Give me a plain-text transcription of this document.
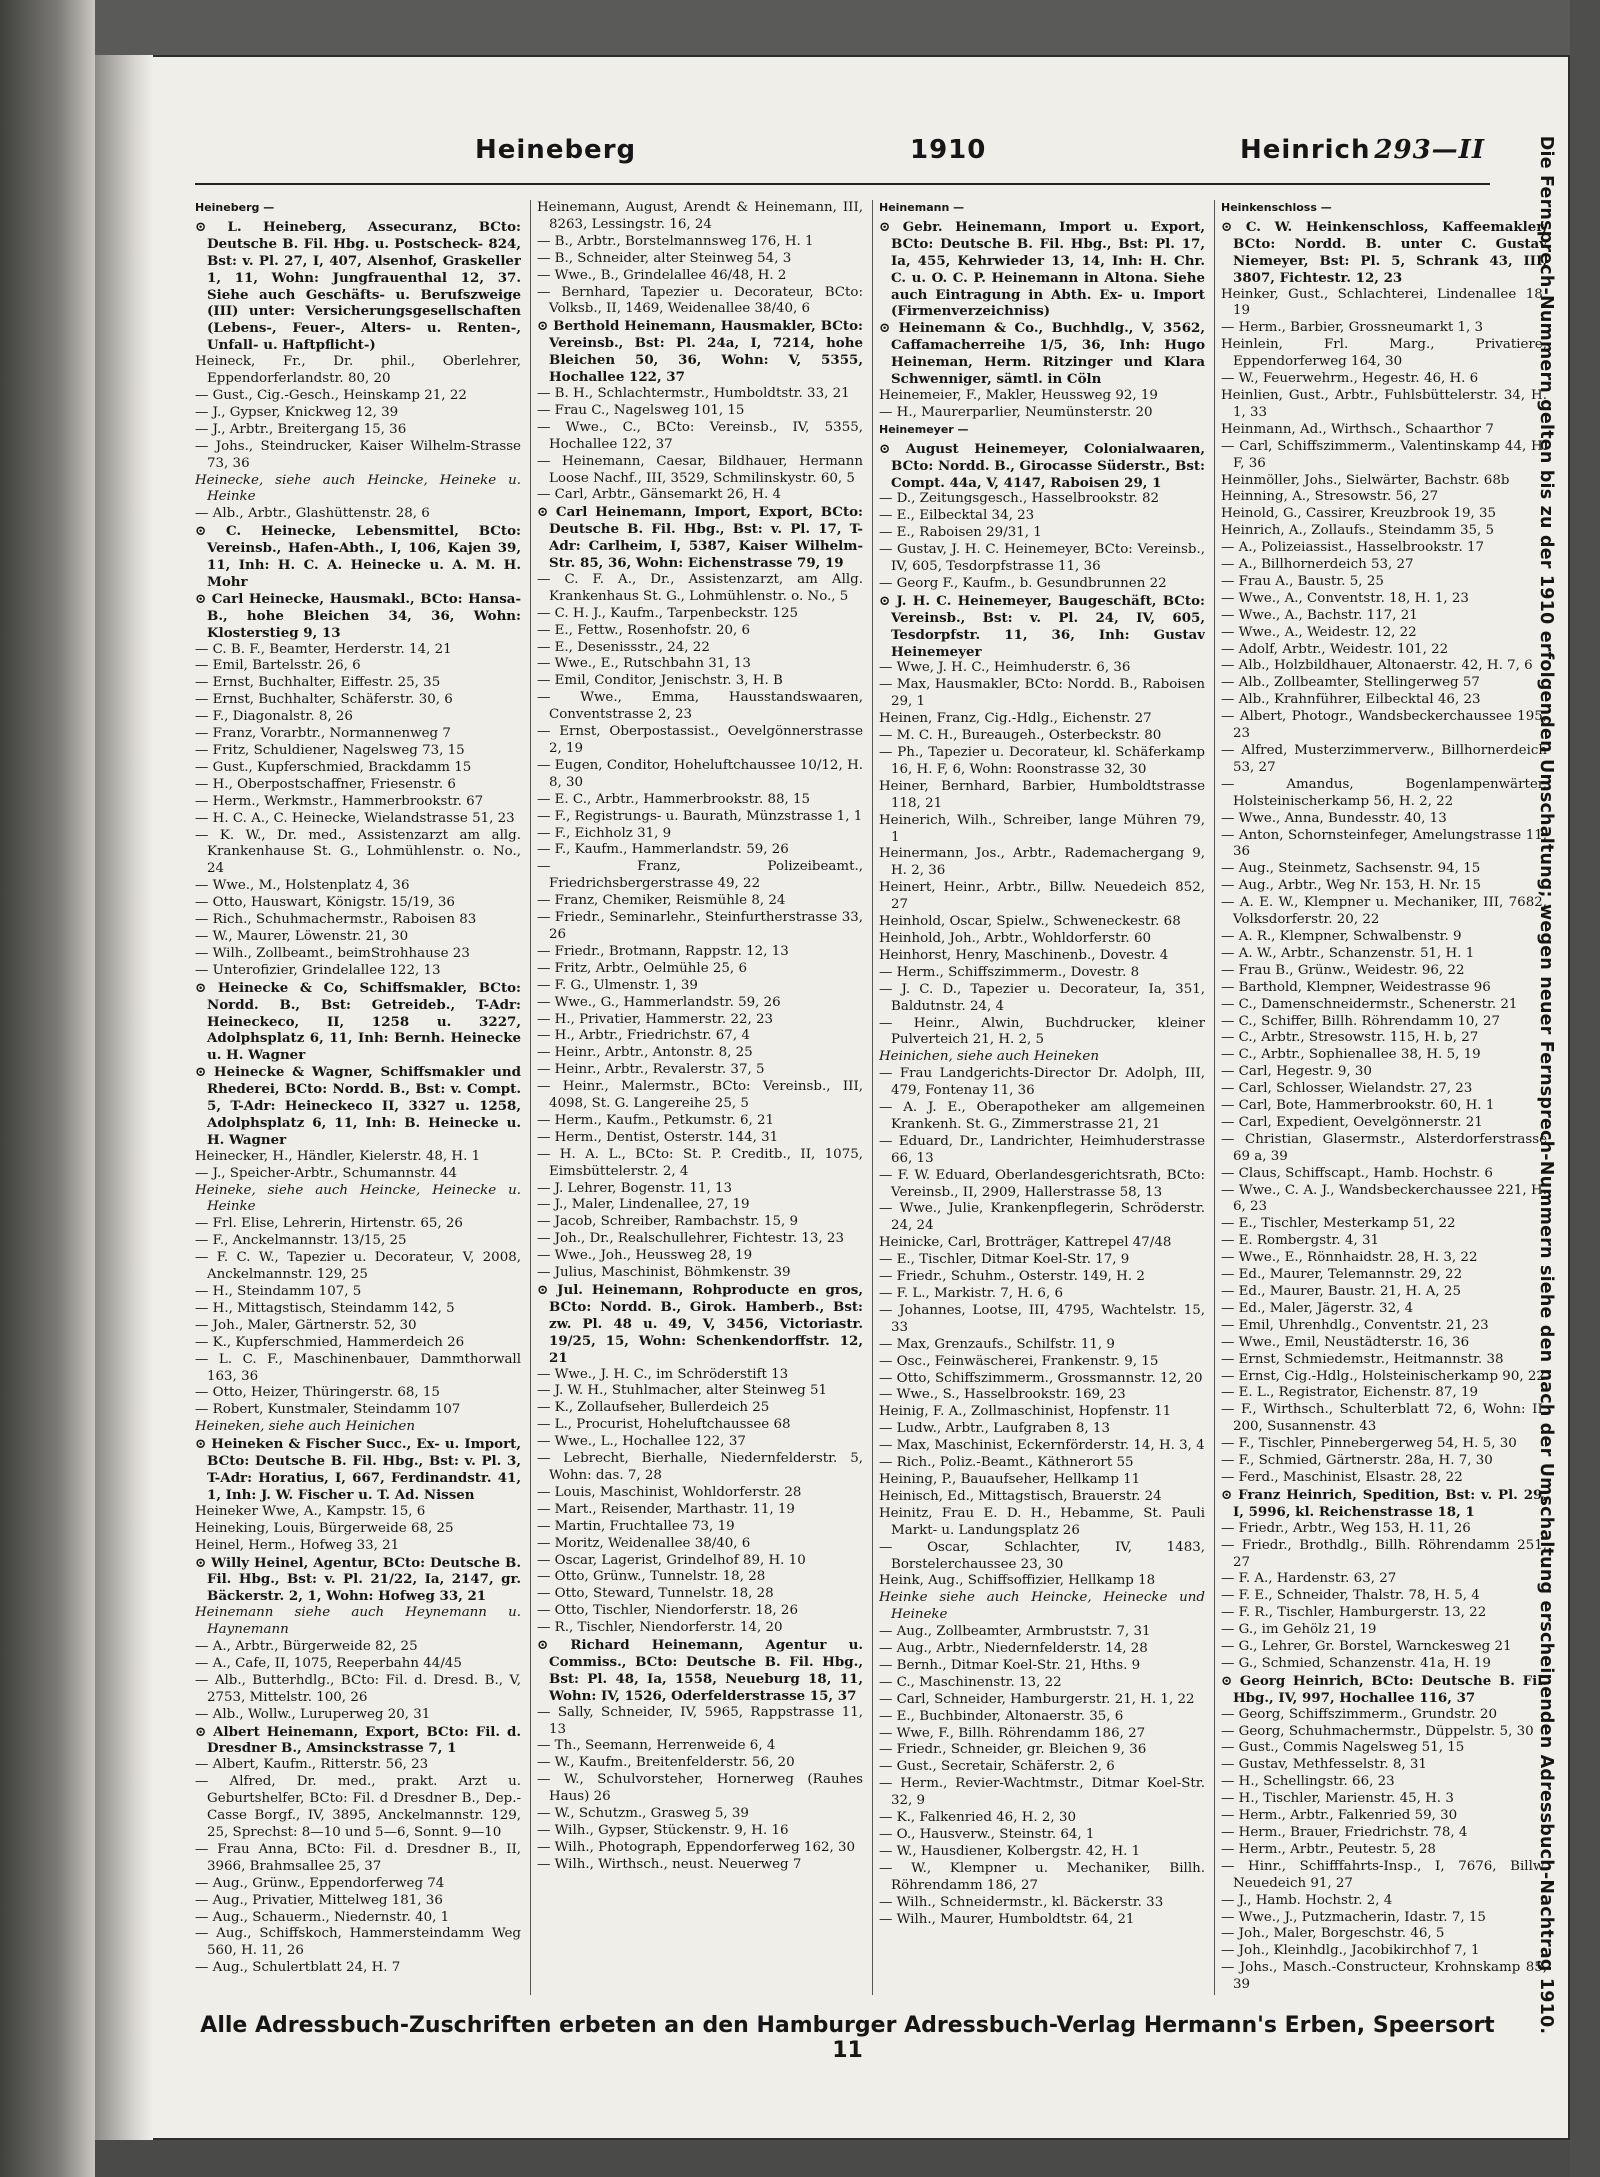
Heineberg	1910	Heinrich 293—II

Heineberg —

⊙ L. Heineberg, Assecuranz, BCto: Deutsche B. Fil. Hbg. u. Postscheck- 824, Bst: v. Pl. 27, I, 407, Alsenhof, Graskeller 1, 11, Wohn: Jungfrauenthal 12, 37. Siehe auch Geschäfts- u. Berufszweige (III) unter: Versicherungsgesellschaften (Lebens-, Feuer-, Alters- u. Renten-, Unfall- u. Haftpflicht-)

Heineck, Fr., Dr. phil., Oberlehrer, Eppendorferlandstr. 80, 20

— Gust., Cig.-Gesch., Heinskamp 21, 22

— J., Gypser, Knickweg 12, 39

— J., Arbtr., Breitergang 15, 36

— Johs., Steindrucker, Kaiser Wilhelm-Strasse 73, 36

Heinecke, siehe auch Heincke, Heineke u. Heinke

— Alb., Arbtr., Glashüttenstr. 28, 6

⊙ C. Heinecke, Lebensmittel, BCto: Vereinsb., Hafen-Abth., I, 106, Kajen 39, 11, Inh: H. C. A. Heinecke u. A. M. H. Mohr

⊙ Carl Heinecke, Hausmakl., BCto: Hansa-B., hohe Bleichen 34, 36, Wohn: Klosterstieg 9, 13

— C. B. F., Beamter, Herderstr. 14, 21

— Emil, Bartelsstr. 26, 6

— Ernst, Buchhalter, Eiffestr. 25, 35

— Ernst, Buchhalter, Schäferstr. 30, 6

— F., Diagonalstr. 8, 26

— Franz, Vorarbtr., Normannenweg 7

— Fritz, Schuldiener, Nagelsweg 73, 15

— Gust., Kupferschmied, Brackdamm 15

— H., Oberpostschaffner, Friesenstr. 6

— Herm., Werkmstr., Hammerbrookstr. 67

— H. C. A., C. Heinecke, Wielandstrasse 51, 23

— K. W., Dr. med., Assistenzarzt am allg. Krankenhause St. G., Lohmühlenstr. o. No., 24

— Wwe., M., Holstenplatz 4, 36

— Otto, Hauswart, Königstr. 15/19, 36

— Rich., Schuhmachermstr., Raboisen 83

— W., Maurer, Löwenstr. 21, 30

— Wilh., Zollbeamt., beimStrohhause 23

— Unterofizier, Grindelallee 122, 13

⊙ Heinecke & Co, Schiffsmakler, BCto: Nordd. B., Bst: Getreideb., T-Adr: Heineckeco, II, 1258 u. 3227, Adolphsplatz 6, 11, Inh: Bernh. Heinecke u. H. Wagner

⊙ Heinecke & Wagner, Schiffsmakler und Rhederei, BCto: Nordd. B., Bst: v. Compt. 5, T-Adr: Heineckeco II, 3327 u. 1258, Adolphsplatz 6, 11, Inh: B. Heinecke u. H. Wagner

Heinecker, H., Händler, Kielerstr. 48, H. 1

— J., Speicher-Arbtr., Schumannstr. 44

Heineke, siehe auch Heincke, Heinecke u. Heinke

— Frl. Elise, Lehrerin, Hirtenstr. 65, 26

— F., Anckelmannstr. 13/15, 25

— F. C. W., Tapezier u. Decorateur, V, 2008, Anckelmannstr. 129, 25

— H., Steindamm 107, 5

— H., Mittagstisch, Steindamm 142, 5

— Joh., Maler, Gärtnerstr. 52, 30

— K., Kupferschmied, Hammerdeich 26

— L. C. F., Maschinenbauer, Dammthorwall 163, 36

— Otto, Heizer, Thüringerstr. 68, 15

— Robert, Kunstmaler, Steindamm 107

Heineken, siehe auch Heinichen

⊙ Heineken & Fischer Succ., Ex- u. Import, BCto: Deutsche B. Fil. Hbg., Bst: v. Pl. 3, T-Adr: Horatius, I, 667, Ferdinandstr. 41, 1, Inh: J. W. Fischer u. T. Ad. Nissen

Heineker Wwe, A., Kampstr. 15, 6

Heineking, Louis, Bürgerweide 68, 25

Heinel, Herm., Hofweg 33, 21

⊙ Willy Heinel, Agentur, BCto: Deutsche B. Fil. Hbg., Bst: v. Pl. 21/22, Ia, 2147, gr. Bäckerstr. 2, 1, Wohn: Hofweg 33, 21

Heinemann siehe auch Heynemann u. Haynemann

— A., Arbtr., Bürgerweide 82, 25

— A., Cafe, II, 1075, Reeperbahn 44/45

— Alb., Butterhdlg., BCto: Fil. d. Dresd. B., V, 2753, Mittelstr. 100, 26

— Alb., Wollw., Luruperweg 20, 31

⊙ Albert Heinemann, Export, BCto: Fil. d. Dresdner B., Amsinckstrasse 7, 1

— Albert, Kaufm., Ritterstr. 56, 23

— Alfred, Dr. med., prakt. Arzt u. Geburtshelfer, BCto: Fil. d Dresdner B., Dep.-Casse Borgf., IV, 3895, Anckelmannstr. 129, 25, Sprechst: 8—10 und 5—6, Sonnt. 9—10

— Frau Anna, BCto: Fil. d. Dresdner B., II, 3966, Brahmsallee 25, 37

— Aug., Grünw., Eppendorferweg 74

— Aug., Privatier, Mittelweg 181, 36

— Aug., Schauerm., Niedernstr. 40, 1

— Aug., Schiffskoch, Hammersteindamm Weg 560, H. 11, 26

— Aug., Schulertblatt 24, H. 7

Heinemann, August, Arendt & Heinemann, III, 8263, Lessingstr. 16, 24

— B., Arbtr., Borstelmannsweg 176, H. 1

— B., Schneider, alter Steinweg 54, 3

— Wwe., B., Grindelallee 46/48, H. 2

— Bernhard, Tapezier u. Decorateur, BCto: Volksb., II, 1469, Weidenallee 38/40, 6

⊙ Berthold Heinemann, Hausmakler, BCto: Vereinsb., Bst: Pl. 24a, I, 7214, hohe Bleichen 50, 36, Wohn: V, 5355, Hochallee 122, 37

— B. H., Schlachtermstr., Humboldtstr. 33, 21

— Frau C., Nagelsweg 101, 15

— Wwe., C., BCto: Vereinsb., IV, 5355, Hochallee 122, 37

— Heinemann, Caesar, Bildhauer, Hermann Loose Nachf., III, 3529, Schmilinskystr. 60, 5

— Carl, Arbtr., Gänsemarkt 26, H. 4

⊙ Carl Heinemann, Import, Export, BCto: Deutsche B. Fil. Hbg., Bst: v. Pl. 17, T-Adr: Carlheim, I, 5387, Kaiser Wilhelm-Str. 85, 36, Wohn: Eichenstrasse 79, 19

— C. F. A., Dr., Assistenzarzt, am Allg. Krankenhaus St. G., Lohmühlenstr. o. No., 5

— C. H. J., Kaufm., Tarpenbeckstr. 125

— E., Fettw., Rosenhofstr. 20, 6

— E., Desenissstr., 24, 22

— Wwe., E., Rutschbahn 31, 13

— Emil, Conditor, Jenischstr. 3, H. B

— Wwe., Emma, Hausstandswaaren, Conventstrasse 2, 23

— Ernst, Oberpostassist., Oevelgönnerstrasse 2, 19

— Eugen, Conditor, Hoheluftchaussee 10/12, H. 8, 30

— E. C., Arbtr., Hammerbrookstr. 88, 15

— F., Registrungs- u. Baurath, Münzstrasse 1, 1

— F., Eichholz 31, 9

— F., Kaufm., Hammerlandstr. 59, 26

— Franz, Polizeibeamt., Friedrichsbergerstrasse 49, 22

— Franz, Chemiker, Reismühle 8, 24

— Friedr., Seminarlehr., Steinfurtherstrasse 33, 26

— Friedr., Brotmann, Rappstr. 12, 13

— Fritz, Arbtr., Oelmühle 25, 6

— F. G., Ulmenstr. 1, 39

— Wwe., G., Hammerlandstr. 59, 26

— H., Privatier, Hammerstr. 22, 23

— H., Arbtr., Friedrichstr. 67, 4

— Heinr., Arbtr., Antonstr. 8, 25

— Heinr., Arbtr., Revalerstr. 37, 5

— Heinr., Malermstr., BCto: Vereinsb., III, 4098, St. G. Langereihe 25, 5

— Herm., Kaufm., Petkumstr. 6, 21

— Herm., Dentist, Osterstr. 144, 31

— H. A. L., BCto: St. P. Creditb., II, 1075, Eimsbüttelerstr. 2, 4

— J. Lehrer, Bogenstr. 11, 13

— J., Maler, Lindenallee, 27, 19

— Jacob, Schreiber, Rambachstr. 15, 9

— Joh., Dr., Realschullehrer, Fichtestr. 13, 23

— Wwe., Joh., Heussweg 28, 19

— Julius, Maschinist, Böhmkenstr. 39

⊙ Jul. Heinemann, Rohproducte en gros, BCto: Nordd. B., Girok. Hamberb., Bst: zw. Pl. 48 u. 49, V, 3456, Victoriastr. 19/25, 15, Wohn: Schenkendorffstr. 12, 21

— Wwe., J. H. C., im Schröderstift 13

— J. W. H., Stuhlmacher, alter Steinweg 51

— K., Zollaufseher, Bullerdeich 25

— L., Procurist, Hoheluftchaussee 68

— Wwe., L., Hochallee 122, 37

— Lebrecht, Bierhalle, Niedernfelderstr. 5, Wohn: das. 7, 28

— Louis, Maschinist, Wohldorferstr. 28

— Mart., Reisender, Marthastr. 11, 19

— Martin, Fruchtallee 73, 19

— Moritz, Weidenallee 38/40, 6

— Oscar, Lagerist, Grindelhof 89, H. 10

— Otto, Grünw., Tunnelstr. 18, 28

— Otto, Steward, Tunnelstr. 18, 28

— Otto, Tischler, Niendorferstr. 18, 26

— R., Tischler, Niendorferstr. 14, 20

⊙ Richard Heinemann, Agentur u. Commiss., BCto: Deutsche B. Fil. Hbg., Bst: Pl. 48, Ia, 1558, Neueburg 18, 11, Wohn: IV, 1526, Oderfelderstrasse 15, 37

— Sally, Schneider, IV, 5965, Rappstrasse 11, 13

— Th., Seemann, Herrenweide 6, 4

— W., Kaufm., Breitenfelderstr. 56, 20

— W., Schulvorsteher, Hornerweg (Rauhes Haus) 26

— W., Schutzm., Grasweg 5, 39

— Wilh., Gypser, Stückenstr. 9, H. 16

— Wilh., Photograph, Eppendorferweg 162, 30

— Wilh., Wirthsch., neust. Neuerweg 7

Heinemann —

⊙ Gebr. Heinemann, Import u. Export, BCto: Deutsche B. Fil. Hbg., Bst: Pl. 17, Ia, 455, Kehrwieder 13, 14, Inh: H. Chr. C. u. O. C. P. Heinemann in Altona. Siehe auch Eintragung in Abth. Ex- u. Import (Firmenverzeichniss)

⊙ Heinemann & Co., Buchhdlg., V, 3562, Caffamacherreihe 1/5, 36, Inh: Hugo Heineman, Herm. Ritzinger und Klara Schwenniger, sämtl. in Cöln

Heinemeier, F., Makler, Heussweg 92, 19

— H., Maurerparlier, Neumünsterstr. 20

Heinemeyer —

⊙ August Heinemeyer, Colonialwaaren, BCto: Nordd. B., Girocasse Süderstr., Bst: Compt. 44a, V, 4147, Raboisen 29, 1

— D., Zeitungsgesch., Hasselbrookstr. 82

— E., Eilbecktal 34, 23

— E., Raboisen 29/31, 1

— Gustav, J. H. C. Heinemeyer, BCto: Vereinsb., IV, 605, Tesdorpfstrasse 11, 36

— Georg F., Kaufm., b. Gesundbrunnen 22

⊙ J. H. C. Heinemeyer, Baugeschäft, BCto: Vereinsb., Bst: v. Pl. 24, IV, 605, Tesdorpfstr. 11, 36, Inh: Gustav Heinemeyer

— Wwe, J. H. C., Heimhuderstr. 6, 36

— Max, Hausmakler, BCto: Nordd. B., Raboisen 29, 1

Heinen, Franz, Cig.-Hdlg., Eichenstr. 27

— M. C. H., Bureaugeh., Osterbeckstr. 80

— Ph., Tapezier u. Decorateur, kl. Schäferkamp 16, H. F, 6, Wohn: Roonstrasse 32, 30

Heiner, Bernhard, Barbier, Humboldtstrasse 118, 21

Heinerich, Wilh., Schreiber, lange Mühren 79, 1

Heinermann, Jos., Arbtr., Rademachergang 9, H. 2, 36

Heinert, Heinr., Arbtr., Billw. Neuedeich 852, 27

Heinhold, Oscar, Spielw., Schweneckestr. 68

Heinhold, Joh., Arbtr., Wohldorferstr. 60

Heinhorst, Henry, Maschinenb., Dovestr. 4

— Herm., Schiffszimmerm., Dovestr. 8

— J. C. D., Tapezier u. Decorateur, Ia, 351, Baldutnstr. 24, 4

— Heinr., Alwin, Buchdrucker, kleiner Pulverteich 21, H. 2, 5

Heinichen, siehe auch Heineken

— Frau Landgerichts-Director Dr. Adolph, III, 479, Fontenay 11, 36

— A. J. E., Oberapotheker am allgemeinen Krankenh. St. G., Zimmerstrasse 21, 21

— Eduard, Dr., Landrichter, Heimhuderstrasse 66, 13

— F. W. Eduard, Oberlandesgerichtsrath, BCto: Vereinsb., II, 2909, Hallerstrasse 58, 13

— Wwe., Julie, Krankenpflegerin, Schröderstr. 24, 24

Heinicke, Carl, Brotträger, Kattrepel 47/48

— E., Tischler, Ditmar Koel-Str. 17, 9

— Friedr., Schuhm., Osterstr. 149, H. 2

— F. L., Markistr. 7, H. 6, 6

— Johannes, Lootse, III, 4795, Wachtelstr. 15, 33

— Max, Grenzaufs., Schilfstr. 11, 9

— Osc., Feinwäscherei, Frankenstr. 9, 15

— Otto, Schiffszimmerm., Grossmannstr. 12, 20

— Wwe., S., Hasselbrookstr. 169, 23

Heinig, F. A., Zollmaschinist, Hopfenstr. 11

— Ludw., Arbtr., Laufgraben 8, 13

— Max, Maschinist, Eckernförderstr. 14, H. 3, 4

— Rich., Poliz.-Beamt., Käthnerort 55

Heining, P., Bauaufseher, Hellkamp 11

Heinisch, Ed., Mittagstisch, Brauerstr. 24

Heinitz, Frau E. D. H., Hebamme, St. Pauli Markt- u. Landungsplatz 26

— Oscar, Schlachter, IV, 1483, Borstelerchaussee 23, 30

Heink, Aug., Schiffsoffizier, Hellkamp 18

Heinke siehe auch Heincke, Heinecke und Heineke

— Aug., Zollbeamter, Armbruststr. 7, 31

— Aug., Arbtr., Niedernfelderstr. 14, 28

— Bernh., Ditmar Koel-Str. 21, Hths. 9

— C., Maschinenstr. 13, 22

— Carl, Schneider, Hamburgerstr. 21, H. 1, 22

— E., Buchbinder, Altonaerstr. 35, 6

— Wwe, F., Billh. Röhrendamm 186, 27

— Friedr., Schneider, gr. Bleichen 9, 36

— Gust., Secretair, Schäferstr. 2, 6

— Herm., Revier-Wachtmstr., Ditmar Koel-Str. 32, 9

— K., Falkenried 46, H. 2, 30

— O., Hausverw., Steinstr. 64, 1

— W., Hausdiener, Kolbergstr. 42, H. 1

— W., Klempner u. Mechaniker, Billh. Röhrendamm 186, 27

— Wilh., Schneidermstr., kl. Bäckerstr. 33

— Wilh., Maurer, Humboldtstr. 64, 21

Heinkenschloss —

⊙ C. W. Heinkenschloss, Kaffeemakler, BCto: Nordd. B. unter C. Gustav Niemeyer, Bst: Pl. 5, Schrank 43, III, 3807, Fichtestr. 12, 23

Heinker, Gust., Schlachterei, Lindenallee 18, 19

— Herm., Barbier, Grossneumarkt 1, 3

Heinlein, Frl. Marg., Privatiere, Eppendorferweg 164, 30

— W., Feuerwehrm., Hegestr. 46, H. 6

Heinlien, Gust., Arbtr., Fuhlsbüttelerstr. 34, H. 1, 33

Heinmann, Ad., Wirthsch., Schaarthor 7

— Carl, Schiffszimmerm., Valentinskamp 44, H. F, 36

Heinmöller, Johs., Sielwärter, Bachstr. 68b

Heinning, A., Stresowstr. 56, 27

Heinold, G., Cassirer, Kreuzbrook 19, 35

Heinrich, A., Zollaufs., Steindamm 35, 5

— A., Polizeiassist., Hasselbrookstr. 17

— A., Billhornerdeich 53, 27

— Frau A., Baustr. 5, 25

— Wwe., A., Conventstr. 18, H. 1, 23

— Wwe., A., Bachstr. 117, 21

— Wwe., A., Weidestr. 12, 22

— Adolf, Arbtr., Weidestr. 101, 22

— Alb., Holzbildhauer, Altonaerstr. 42, H. 7, 6

— Alb., Zollbeamter, Stellingerweg 57

— Alb., Krahnführer, Eilbecktal 46, 23

— Albert, Photogr., Wandsbeckerchaussee 195, 23

— Alfred, Musterzimmerverw., Billhornerdeich 53, 27

— Amandus, Bogenlampenwärter, Holsteinischerkamp 56, H. 2, 22

— Wwe., Anna, Bundesstr. 40, 13

— Anton, Schornsteinfeger, Amelungstrasse 11, 36

— Aug., Steinmetz, Sachsenstr. 94, 15

— Aug., Arbtr., Weg Nr. 153, H. Nr. 15

— A. E. W., Klempner u. Mechaniker, III, 7682, Volksdorferstr. 20, 22

— A. R., Klempner, Schwalbenstr. 9

— A. W., Arbtr., Schanzenstr. 51, H. 1

— Frau B., Grünw., Weidestr. 96, 22

— Barthold, Klempner, Weidestrasse 96

— C., Damenschneidermstr., Schenerstr. 21

— C., Schiffer, Billh. Röhrendamm 10, 27

— C., Arbtr., Stresowstr. 115, H. b, 27

— C., Arbtr., Sophienallee 38, H. 5, 19

— Carl, Hegestr. 9, 30

— Carl, Schlosser, Wielandstr. 27, 23

— Carl, Bote, Hammerbrookstr. 60, H. 1

— Carl, Expedient, Oevelgönnerstr. 21

— Christian, Glasermstr., Alsterdorferstrasse 69 a, 39

— Claus, Schiffscapt., Hamb. Hochstr. 6

— Wwe., C. A. J., Wandsbeckerchaussee 221, H. 6, 23

— E., Tischler, Mesterkamp 51, 22

— E. Rombergstr. 4, 31

— Wwe., E., Rönnhaidstr. 28, H. 3, 22

— Ed., Maurer, Telemannstr. 29, 22

— Ed., Maurer, Baustr. 21, H. A, 25

— Ed., Maler, Jägerstr. 32, 4

— Emil, Uhrenhdlg., Conventstr. 21, 23

— Wwe., Emil, Neustädterstr. 16, 36

— Ernst, Schmiedemstr., Heitmannstr. 38

— Ernst, Cig.-Hdlg., Holsteinischerkamp 90, 22

— E. L., Registrator, Eichenstr. 87, 19

— F., Wirthsch., Schulterblatt 72, 6, Wohn: II, 200, Susannenstr. 43

— F., Tischler, Pinnebergerweg 54, H. 5, 30

— F., Schmied, Gärtnerstr. 28a, H. 7, 30

— Ferd., Maschinist, Elsastr. 28, 22

⊙ Franz Heinrich, Spedition, Bst: v. Pl. 29, I, 5996, kl. Reichenstrasse 18, 1

— Friedr., Arbtr., Weg 153, H. 11, 26

— Friedr., Brothdlg., Billh. Röhrendamm 251, 27

— F. A., Hardenstr. 63, 27

— F. E., Schneider, Thalstr. 78, H. 5, 4

— F. R., Tischler, Hamburgerstr. 13, 22

— G., im Gehölz 21, 19

— G., Lehrer, Gr. Borstel, Warnckesweg 21

— G., Schmied, Schanzenstr. 41a, H. 19

⊙ Georg Heinrich, BCto: Deutsche B. Fil. Hbg., IV, 997, Hochallee 116, 37

— Georg, Schiffszimmerm., Grundstr. 20

— Georg, Schuhmachermstr., Düppelstr. 5, 30

— Gust., Commis Nagelsweg 51, 15

— Gustav, Methfesselstr. 8, 31

— H., Schellingstr. 66, 23

— H., Tischler, Marienstr. 45, H. 3

— Herm., Arbtr., Falkenried 59, 30

— Herm., Brauer, Friedrichstr. 78, 4

— Herm., Arbtr., Peutestr. 5, 28

— Hinr., Schifffahrts-Insp., I, 7676, Billw. Neuedeich 91, 27

— J., Hamb. Hochstr. 2, 4

— Wwe., J., Putzmacherin, Idastr. 7, 15

— Joh., Maler, Borgeschstr. 46, 5

— Joh., Kleinhdlg., Jacobikirchhof 7, 1

— Johs., Masch.-Constructeur, Krohnskamp 85, 39	Die Fernsprech-Nummern gelten bis zu der 1910 erfolgenden Umschaltung; wegen neuer Fernsprech-Nummern siehe den nach der Umschaltung erscheinenden Adressbuch-Nachtrag 1910.
Alle Adressbuch-Zuschriften erbeten an den Hamburger Adressbuch-Verlag Hermann's Erben, Speersort 11
